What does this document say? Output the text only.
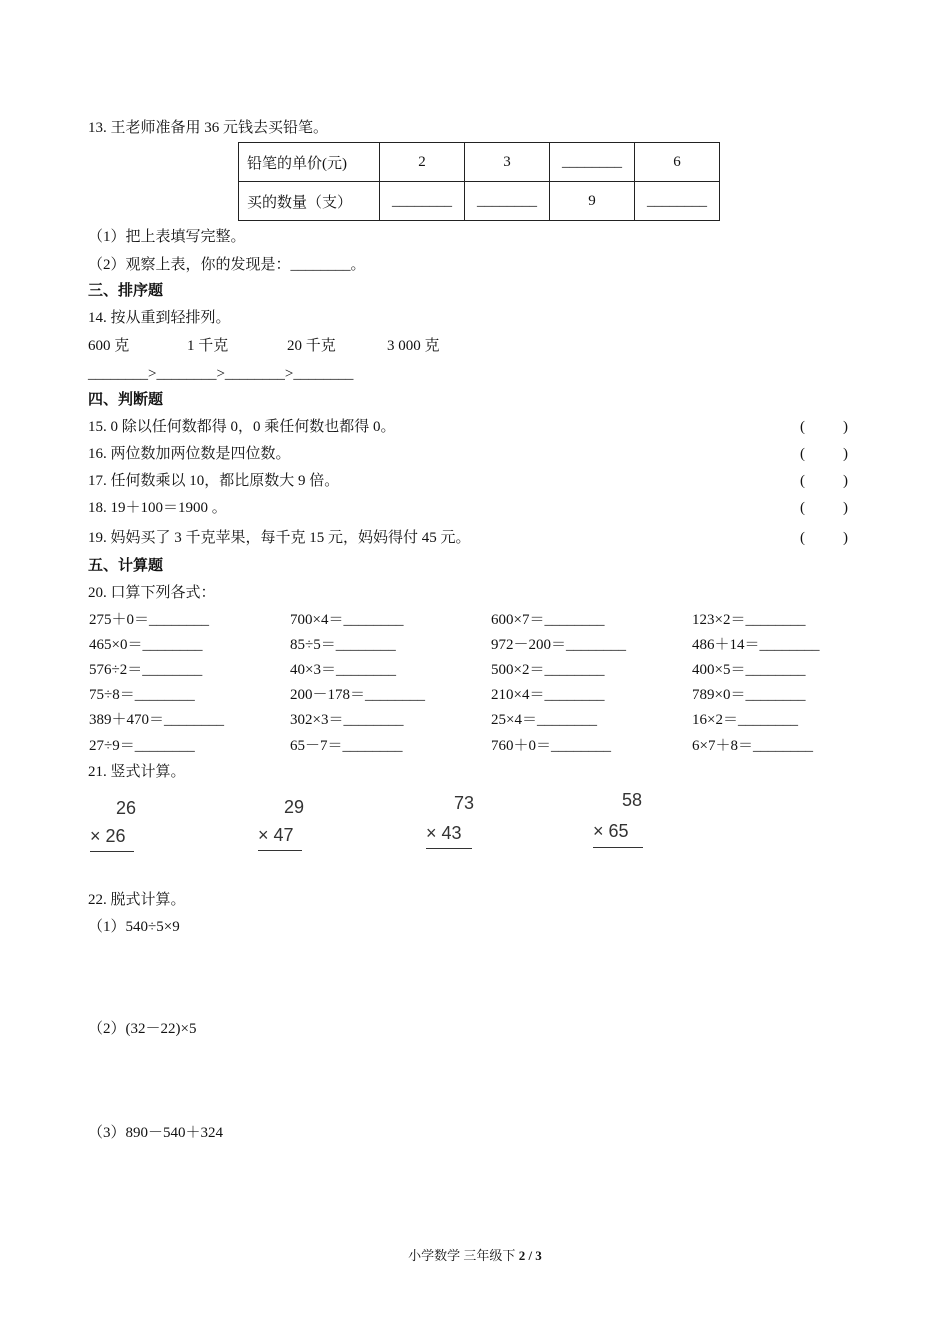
13. 王老师准备用 36 元钱去买铅笔。
铅笔的单价(元)	2	3	________	6
买的数量（支）	________	________	9	________
（1）把上表填写完整。
（2）观察上表，你的发现是：________。
三、排序题
14. 按从重到轻排列。
600 克	1 千克	20 千克	3 000 克
________>________>________>________
四、判断题
15. 0 除以任何数都得 0，0 乘任何数也都得 0。	(	)
16. 两位数加两位数是四位数。	(	)
17. 任何数乘以 10，都比原数大 9 倍。	(	)
18. 19＋100＝1900 。	(	)
19. 妈妈买了 3 千克苹果，每千克 15 元，妈妈得付 45 元。	(	)
五、计算题
20. 口算下列各式：
275＋0＝________	700×4＝________	600×7＝________	123×2＝________
465×0＝________	85÷5＝________	972－200＝________	486＋14＝________
576÷2＝________	40×3＝________	500×2＝________	400×5＝________
75÷8＝________	200－178＝________	210×4＝________	789×0＝________
389＋470＝________	302×3＝________	25×4＝________	16×2＝________
27÷9＝________	65－7＝________	760＋0＝________	6×7＋8＝________
21. 竖式计算。
26
× 26
29
× 47
73
× 43
58
× 65
22. 脱式计算。
（1）540÷5×9
（2）(32－22)×5
（3）890－540＋324
小学数学 三年级下 2 / 3
